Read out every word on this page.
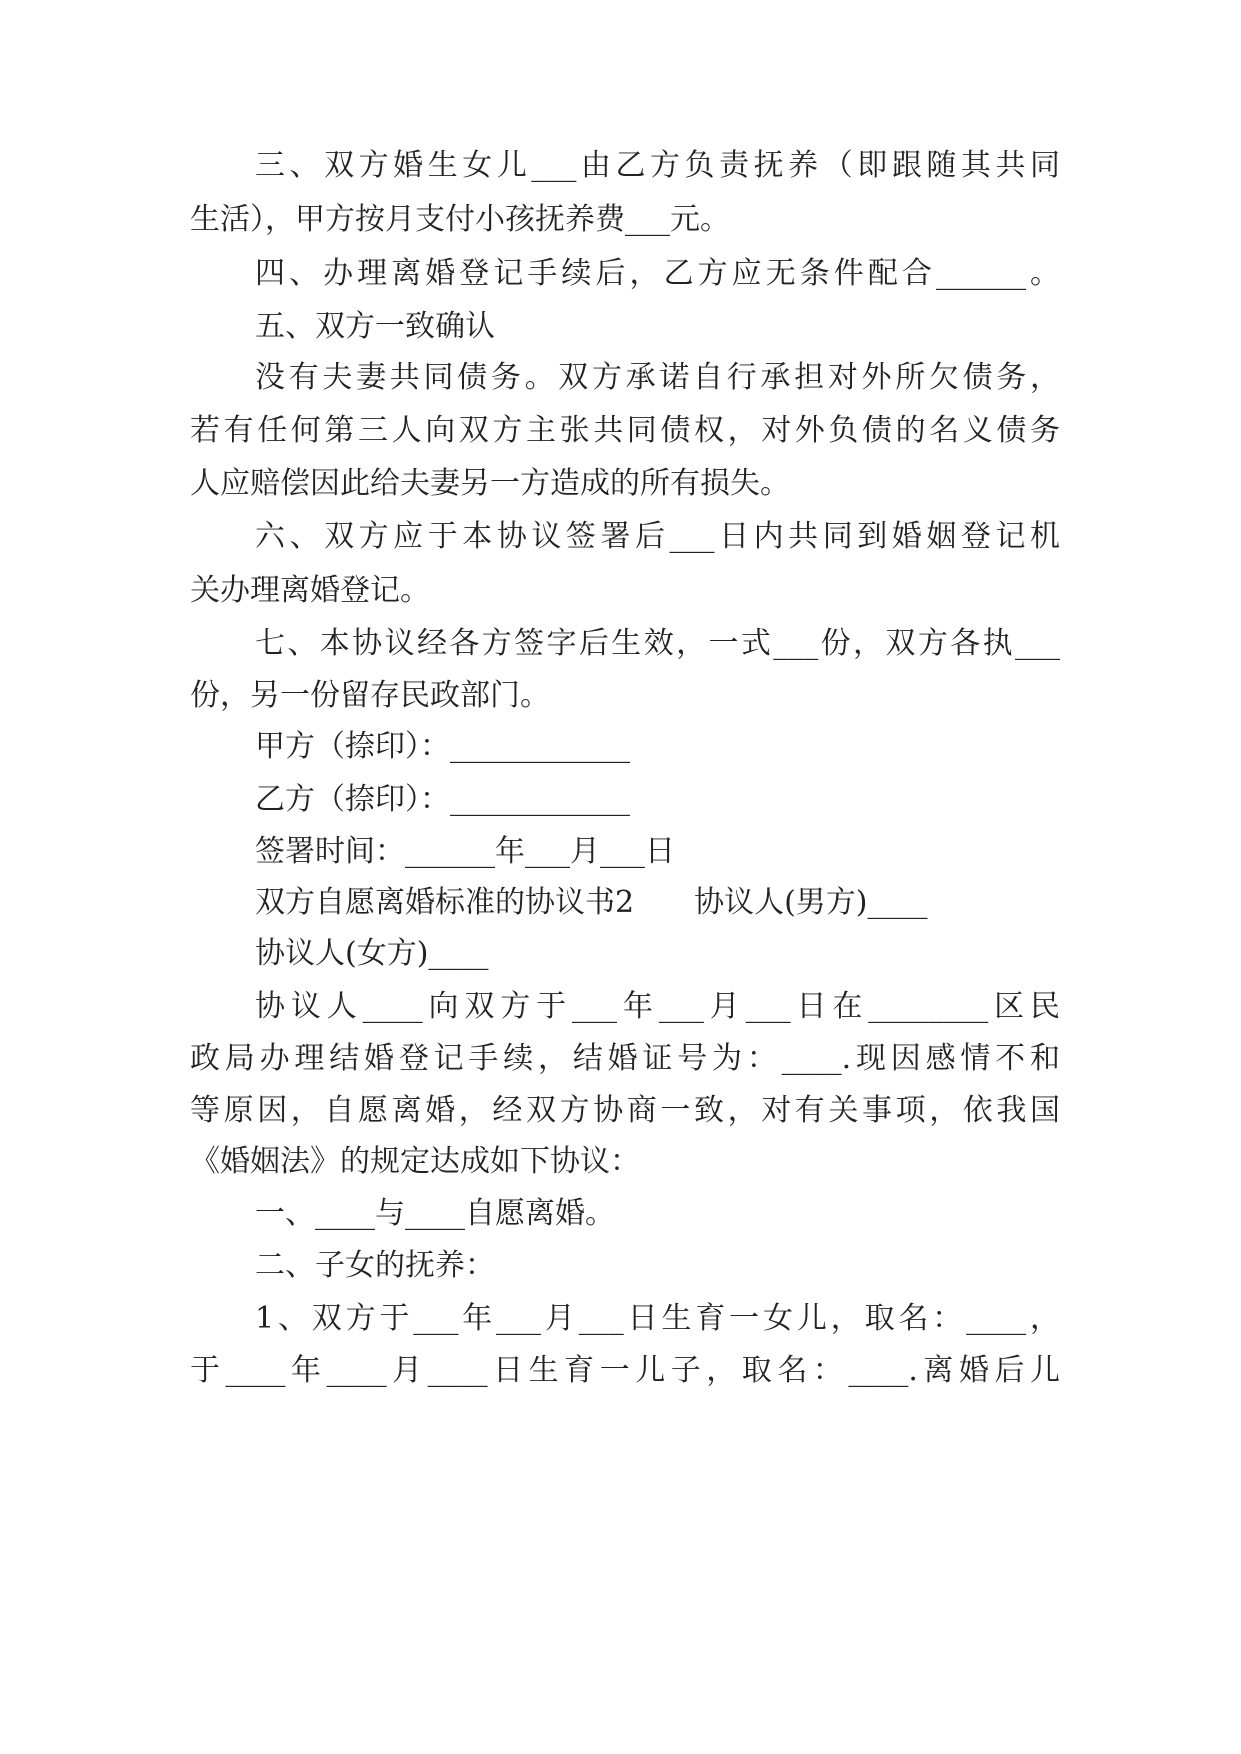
三、双方婚生女儿___由乙方负责抚养（即跟随其共同
生活），甲方按月支付小孩抚养费___元。
四、办理离婚登记手续后，乙方应无条件配合______。
五、双方一致确认
没有夫妻共同债务。双方承诺自行承担对外所欠债务，
若有任何第三人向双方主张共同债权，对外负债的名义债务
人应赔偿因此给夫妻另一方造成的所有损失。
六、双方应于本协议签署后___日内共同到婚姻登记机
关办理离婚登记。
七、本协议经各方签字后生效，一式___份，双方各执___
份，另一份留存民政部门。
甲方（捺印）：____________
乙方（捺印）：____________
签署时间：______年___月___日
双方自愿离婚标准的协议书2　　协议人(男方)____
协议人(女方)____
协议人____向双方于___年___月___日在________区民
政局办理结婚登记手续，结婚证号为：____.现因感情不和
等原因，自愿离婚，经双方协商一致，对有关事项，依我国
《婚姻法》的规定达成如下协议：
一、____与____自愿离婚。
二、子女的抚养：
1、双方于___年___月___日生育一女儿，取名：____，
于____年____月____日生育一儿子，取名：____.离婚后儿
